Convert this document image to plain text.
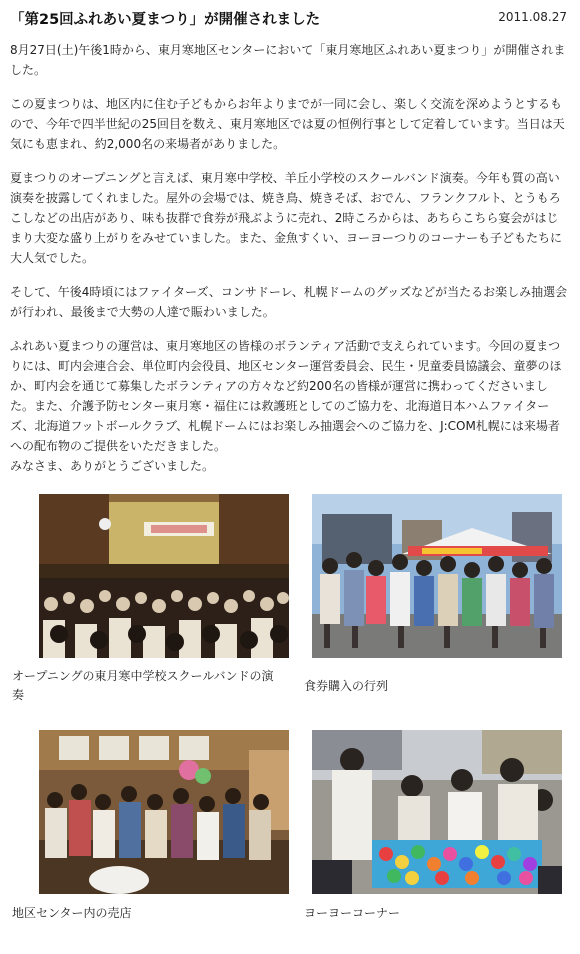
「第25回ふれあい夏まつり」が開催されました	2011.08.27

8月27日(土)午後1時から、東月寒地区センターにおいて「東月寒地区ふれあい夏まつり」が開催されました。

この夏まつりは、地区内に住む子どもからお年よりまでが一同に会し、楽しく交流を深めようとするもので、今年で四半世紀の25回目を数え、東月寒地区では夏の恒例行事として定着しています。当日は天気にも恵まれ、約2,000名の来場者がありました。

夏まつりのオープニングと言えば、東月寒中学校、羊丘小学校のスクールバンド演奏。今年も質の高い演奏を披露してくれました。屋外の会場では、焼き鳥、焼きそば、おでん、フランクフルト、とうもろこしなどの出店があり、味も抜群で食券が飛ぶように売れ、2時ころからは、あちらこちら宴会がはじまり大変な盛り上がりをみせていました。また、金魚すくい、ヨーヨーつりのコーナーも子どもたちに大人気でした。

そして、午後4時頃にはファイターズ、コンサドーレ、札幌ドームのグッズなどが当たるお楽しみ抽選会が行われ、最後まで大勢の人達で賑わいました。

ふれあい夏まつりの運営は、東月寒地区の皆様のボランティア活動で支えられています。今回の夏まつりには、町内会連合会、単位町内会役員、地区センター運営委員会、民生・児童委員協議会、童夢のほか、町内会を通じて募集したボランティアの方々など約200名の皆様が運営に携わってくださいました。また、介護予防センター東月寒・福住には救護班としてのご協力を、北海道日本ハムファイターズ、北海道フットボールクラブ、札幌ドームにはお楽しみ抽選会へのご協力を、J:COM札幌には来場者への配布物のご提供をいただきました。

みなさま、ありがとうございました。

オープニングの東月寒中学校スクールバンドの演奏
食券購入の行列
地区センター内の売店	ヨーヨーコーナー
